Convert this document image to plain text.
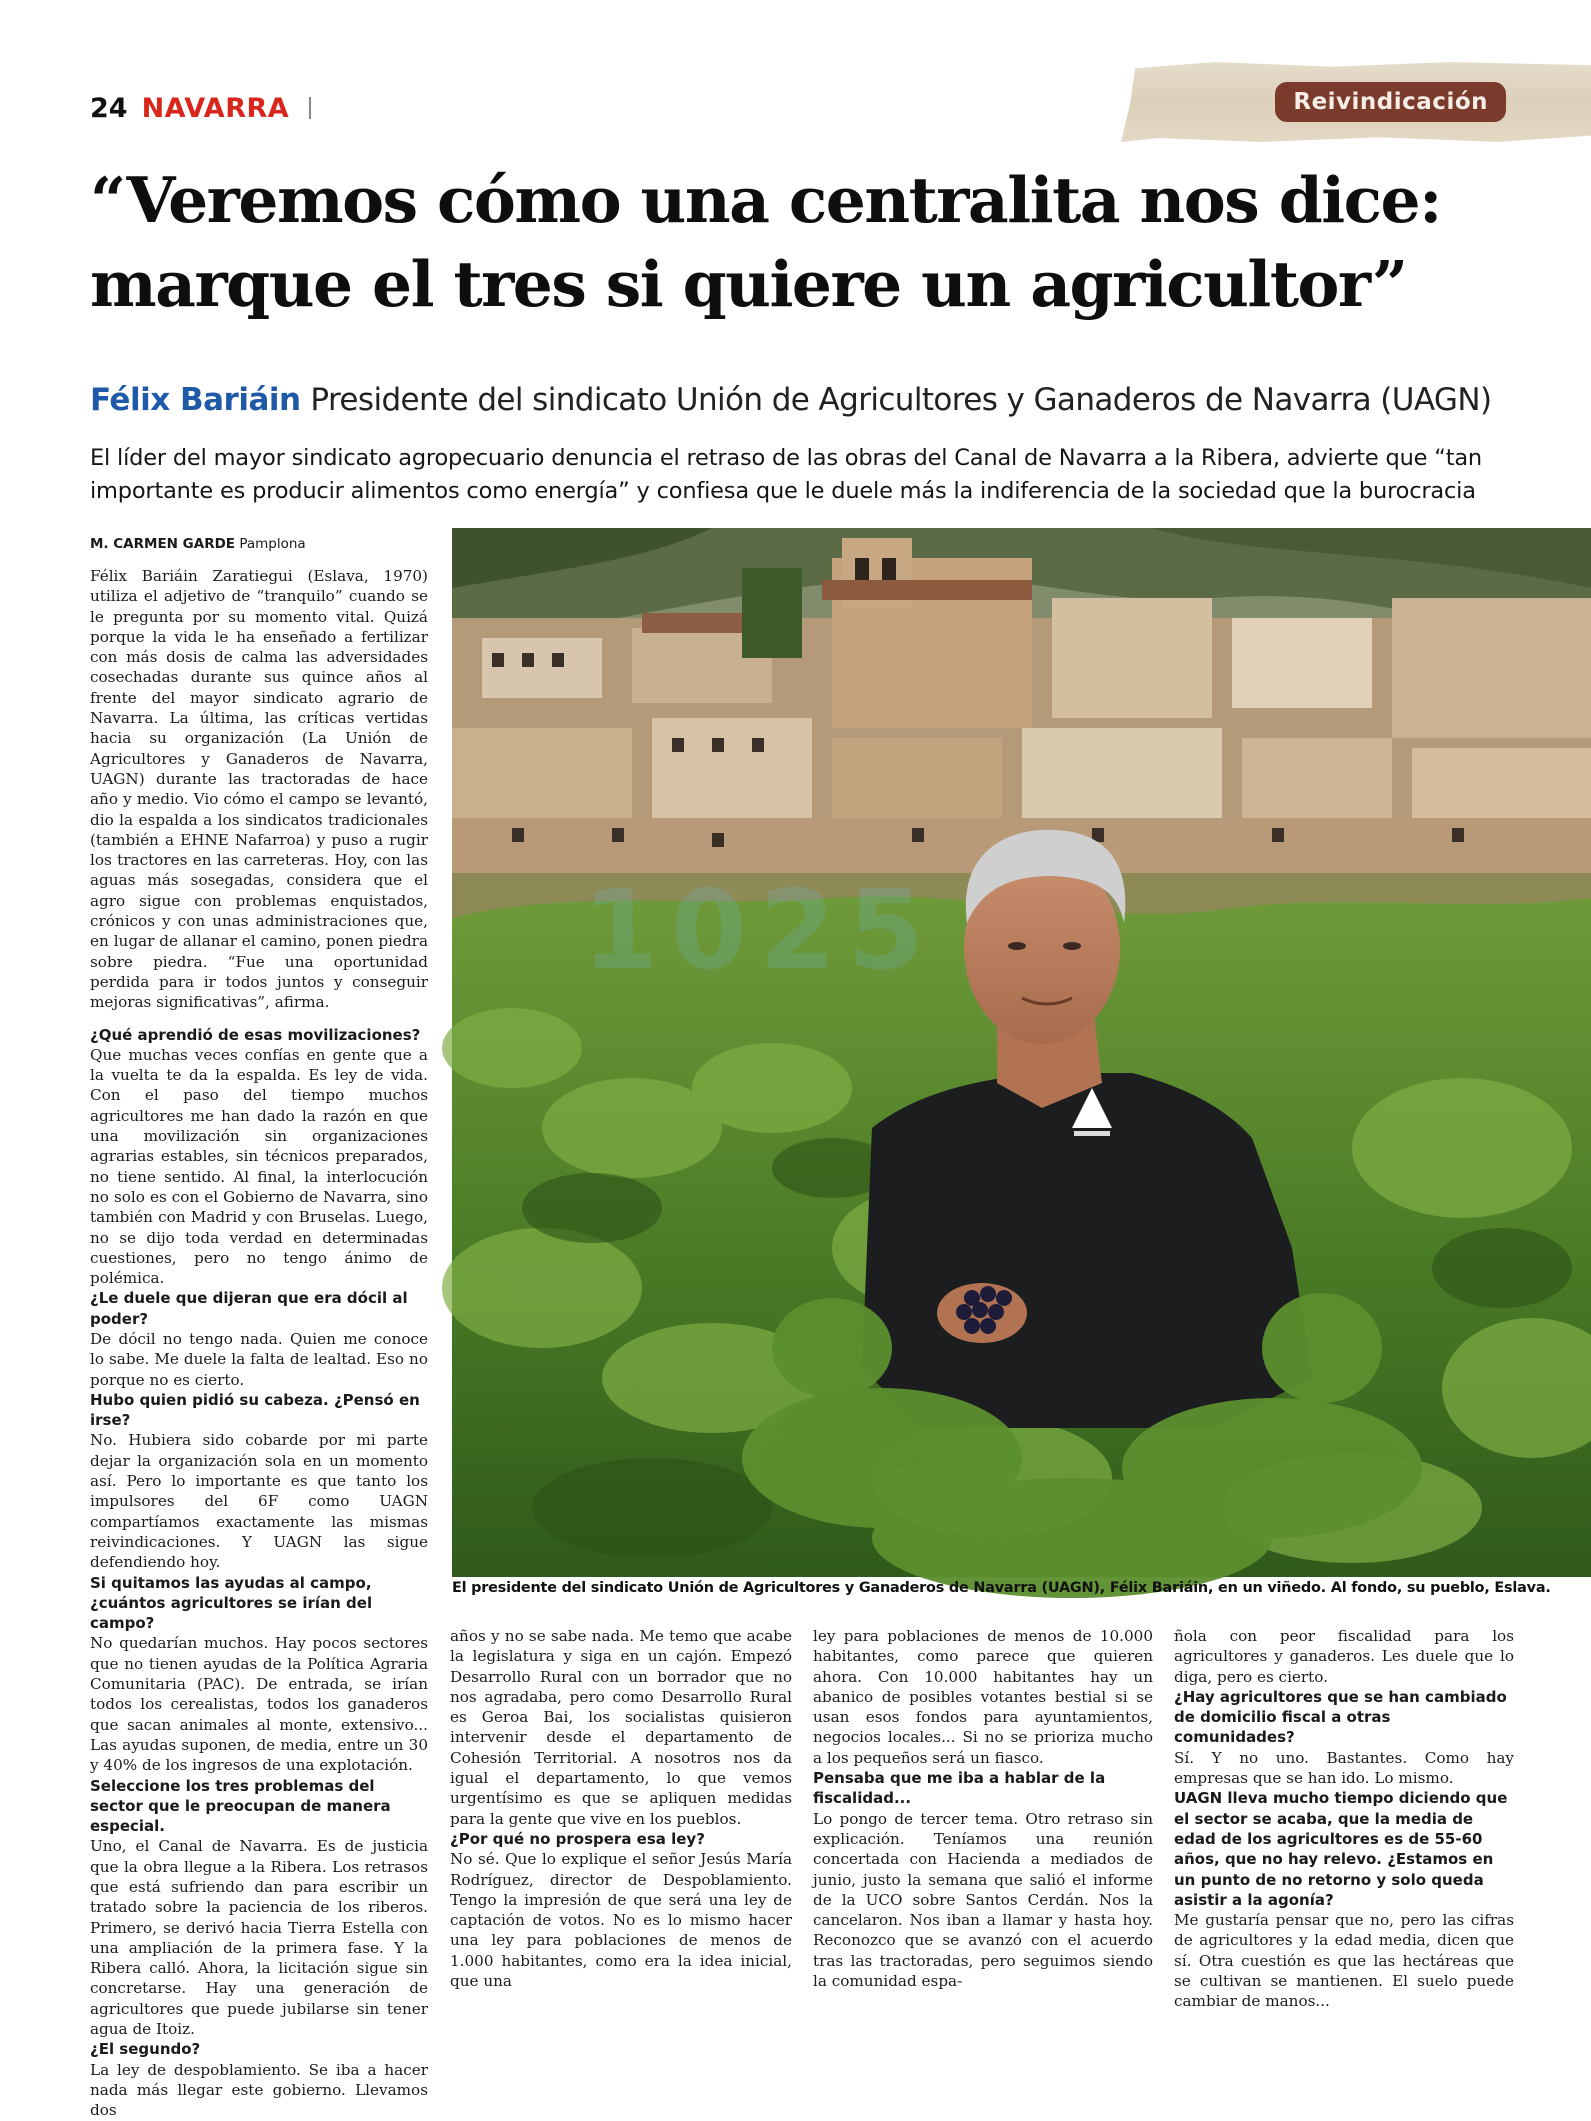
24 NAVARRA	Reivindicación
“Veremos cómo una centralita nos dice: marque el tres si quiere un agricultor”
Félix Bariáin Presidente del sindicato Unión de Agricultores y Ganaderos de Navarra (UAGN)

El líder del mayor sindicato agropecuario denuncia el retraso de las obras del Canal de Navarra a la Ribera, advierte que “tan importante es producir alimentos como energía” y confiesa que le duele más la indiferencia de la sociedad que la burocracia

M. CARMEN GARDE Pamplona

Félix Bariáin Zaratiegui (Eslava, 1970) utiliza el adjetivo de “tranquilo” cuando se le pregunta por su momento vital. Quizá porque la vida le ha enseñado a fertilizar con más dosis de calma las adversidades cosechadas durante sus quince años al frente del mayor sindicato agrario de Navarra. La última, las críticas vertidas hacia su organización (La Unión de Agricultores y Ganaderos de Navarra, UAGN) durante las tractoradas de hace año y medio. Vio cómo el campo se levantó, dio la espalda a los sindicatos tradicionales (también a EHNE Nafarroa) y puso a rugir los tractores en las carreteras. Hoy, con las aguas más sosegadas, considera que el agro sigue con problemas enquistados, crónicos y con unas administraciones que, en lugar de allanar el camino, ponen piedra sobre piedra. “Fue una oportunidad perdida para ir todos juntos y conseguir mejoras significativas”, afirma.

¿Qué aprendió de esas movilizaciones?

Que muchas veces confías en gente que a la vuelta te da la espalda. Es ley de vida. Con el paso del tiempo muchos agricultores me han dado la razón en que una movilización sin organizaciones agrarias estables, sin técnicos preparados, no tiene sentido. Al final, la interlocución no solo es con el Gobierno de Navarra, sino también con Madrid y con Bruselas. Luego, no se dijo toda verdad en determinadas cuestiones, pero no tengo ánimo de polémica.

¿Le duele que dijeran que era dócil al poder?

De dócil no tengo nada. Quien me conoce lo sabe. Me duele la falta de lealtad. Eso no porque no es cierto.

Hubo quien pidió su cabeza. ¿Pensó en irse?

No. Hubiera sido cobarde por mi parte dejar la organización sola en un momento así. Pero lo importante es que tanto los impulsores del 6F como UAGN compartíamos exactamente las mismas reivindicaciones. Y UAGN las sigue defendiendo hoy.

Si quitamos las ayudas al campo, ¿cuántos agricultores se irían del campo?

No quedarían muchos. Hay pocos sectores que no tienen ayudas de la Política Agraria Comunitaria (PAC). De entrada, se irían todos los cerealistas, todos los ganaderos que sacan animales al monte, extensivo... Las ayudas suponen, de media, entre un 30 y 40% de los ingresos de una explotación.

Seleccione los tres problemas del sector que le preocupan de manera especial.

Uno, el Canal de Navarra. Es de justicia que la obra llegue a la Ribera. Los retrasos que está sufriendo dan para escribir un tratado sobre la paciencia de los riberos. Primero, se derivó hacia Tierra Estella con una ampliación de la primera fase. Y la Ribera calló. Ahora, la licitación sigue sin concretarse. Hay una generación de agricultores que puede jubilarse sin tener agua de Itoiz.

¿El segundo?

La ley de despoblamiento. Se iba a hacer nada más llegar este gobierno. Llevamos dos

1025

El presidente del sindicato Unión de Agricultores y Ganaderos de Navarra (UAGN), Félix Bariáin, en un viñedo. Al fondo, su pueblo, Eslava.

años y no se sabe nada. Me temo que acabe la legislatura y siga en un cajón. Empezó Desarrollo Rural con un borrador que no nos agradaba, pero como Desarrollo Rural es Geroa Bai, los socialistas quisieron intervenir desde el departamento de Cohesión Territorial. A nosotros nos da igual el departamento, lo que vemos urgentísimo es que se apliquen medidas para la gente que vive en los pueblos.

¿Por qué no prospera esa ley?

No sé. Que lo explique el señor Jesús María Rodríguez, director de Despoblamiento. Tengo la impresión de que será una ley de captación de votos. No es lo mismo hacer una ley para poblaciones de menos de 1.000 habitantes, como era la idea inicial, que una

ley para poblaciones de menos de 10.000 habitantes, como parece que quieren ahora. Con 10.000 habitantes hay un abanico de posibles votantes bestial si se usan esos fondos para ayuntamientos, negocios locales... Si no se prioriza mucho a los pequeños será un fiasco.

Pensaba que me iba a hablar de la fiscalidad...

Lo pongo de tercer tema. Otro retraso sin explicación. Teníamos una reunión concertada con Hacienda a mediados de junio, justo la semana que salió el informe de la UCO sobre Santos Cerdán. Nos la cancelaron. Nos iban a llamar y hasta hoy. Reconozco que se avanzó con el acuerdo tras las tractoradas, pero seguimos siendo la comunidad espa-

ñola con peor fiscalidad para los agricultores y ganaderos. Les duele que lo diga, pero es cierto.

¿Hay agricultores que se han cambiado de domicilio fiscal a otras comunidades?

Sí. Y no uno. Bastantes. Como hay empresas que se han ido. Lo mismo.

UAGN lleva mucho tiempo diciendo que el sector se acaba, que la media de edad de los agricultores es de 55-60 años, que no hay relevo. ¿Estamos en un punto de no retorno y solo queda asistir a la agonía?

Me gustaría pensar que no, pero las cifras de agricultores y la edad media, dicen que sí. Otra cuestión es que las hectáreas que se cultivan se mantienen. El suelo puede cambiar de manos...
